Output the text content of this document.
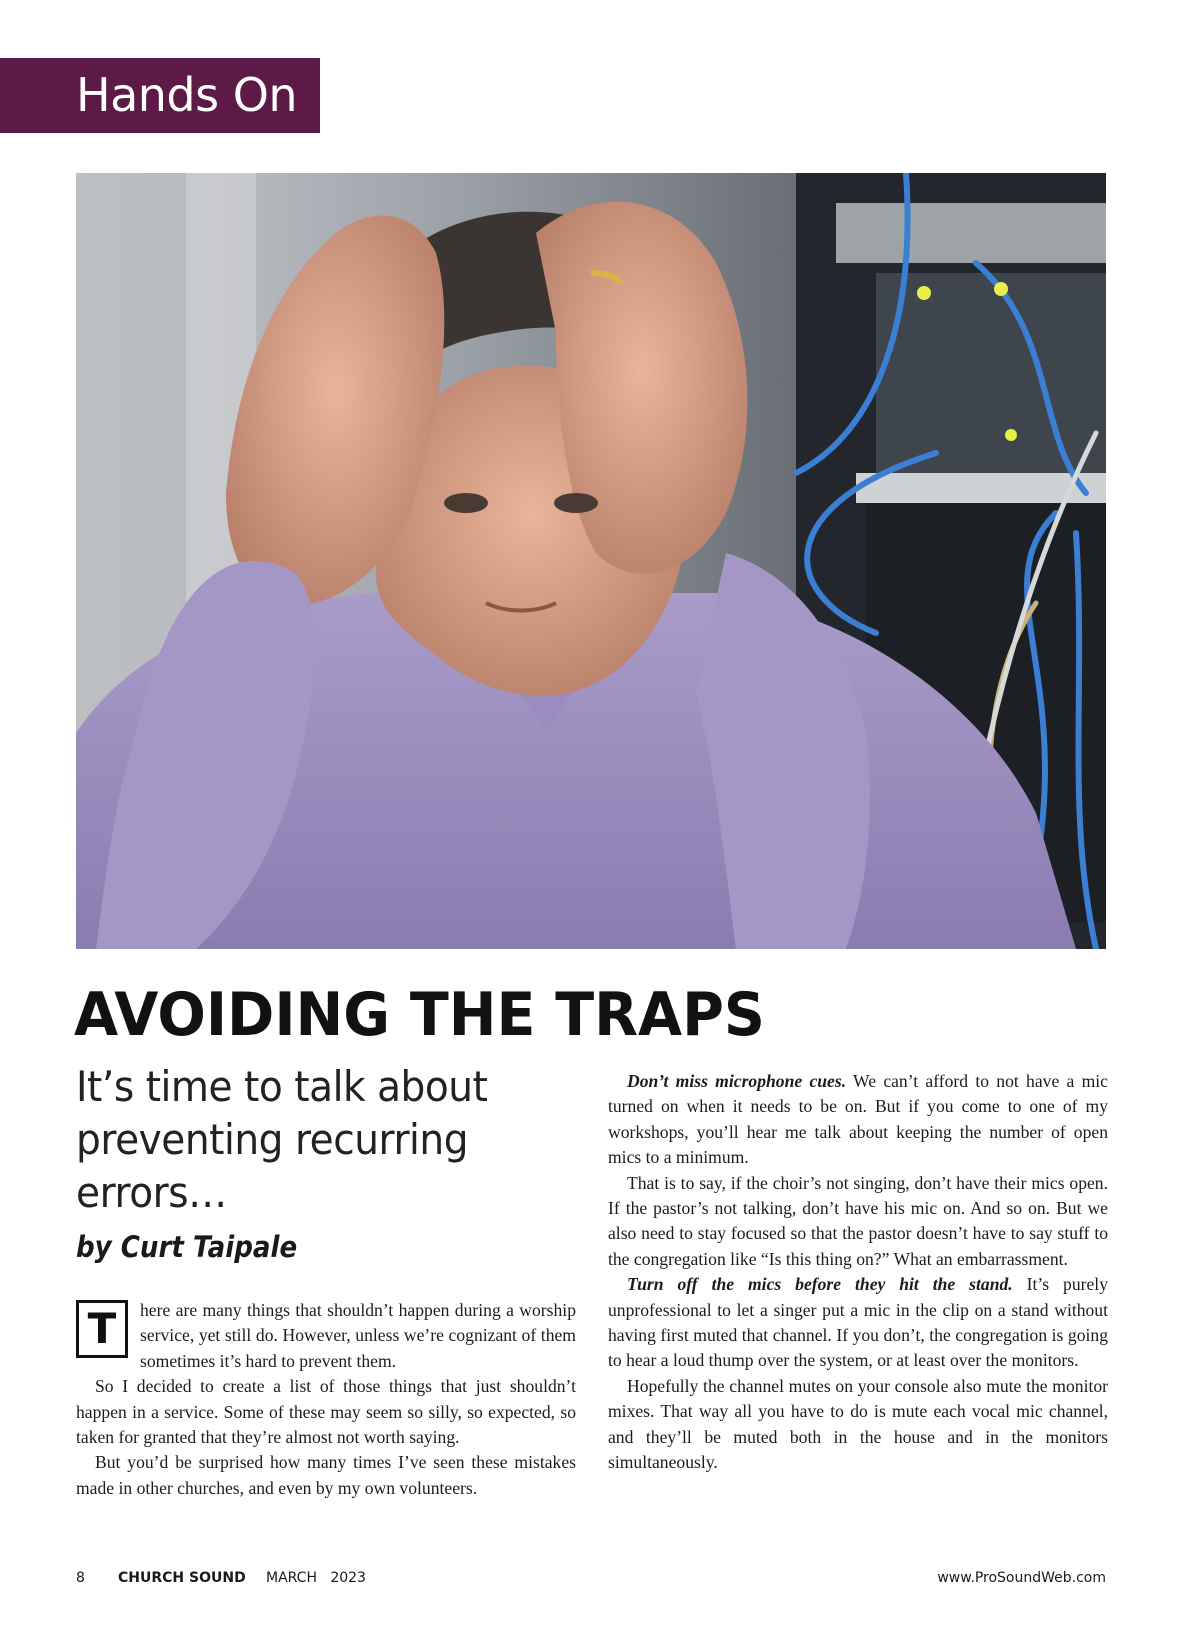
Hands On
AVOIDING THE TRAPS

It’s time to talk about preventing recurring errors…

by Curt Taipale

T	here are many things that shouldn’t happen during a worship service, yet still do. However, unless we’re cognizant of them sometimes it’s hard to prevent them.

So I decided to create a list of those things that just shouldn’t happen in a service. Some of these may seem so silly, so expected, so taken for granted that they’re almost not worth saying.

But you’d be surprised how many times I’ve seen these mistakes made in other churches, and even by my own volunteers.

Don’t miss microphone cues. We can’t afford to not have a mic turned on when it needs to be on. But if you come to one of my workshops, you’ll hear me talk about keeping the number of open mics to a minimum.

That is to say, if the choir’s not singing, don’t have their mics open. If the pastor’s not talking, don’t have his mic on. And so on. But we also need to stay focused so that the pastor doesn’t have to say stuff to the congregation like “Is this thing on?” What an embarrassment.

Turn off the mics before they hit the stand. It’s purely unprofessional to let a singer put a mic in the clip on a stand without having first muted that channel. If you don’t, the congregation is going to hear a loud thump over the system, or at least over the monitors.

Hopefully the channel mutes on your console also mute the monitor mixes. That way all you have to do is mute each vocal mic channel, and they’ll be muted both in the house and in the monitors simultaneously.

8 CHURCH SOUND MARCH   2023	www.ProSoundWeb.com
